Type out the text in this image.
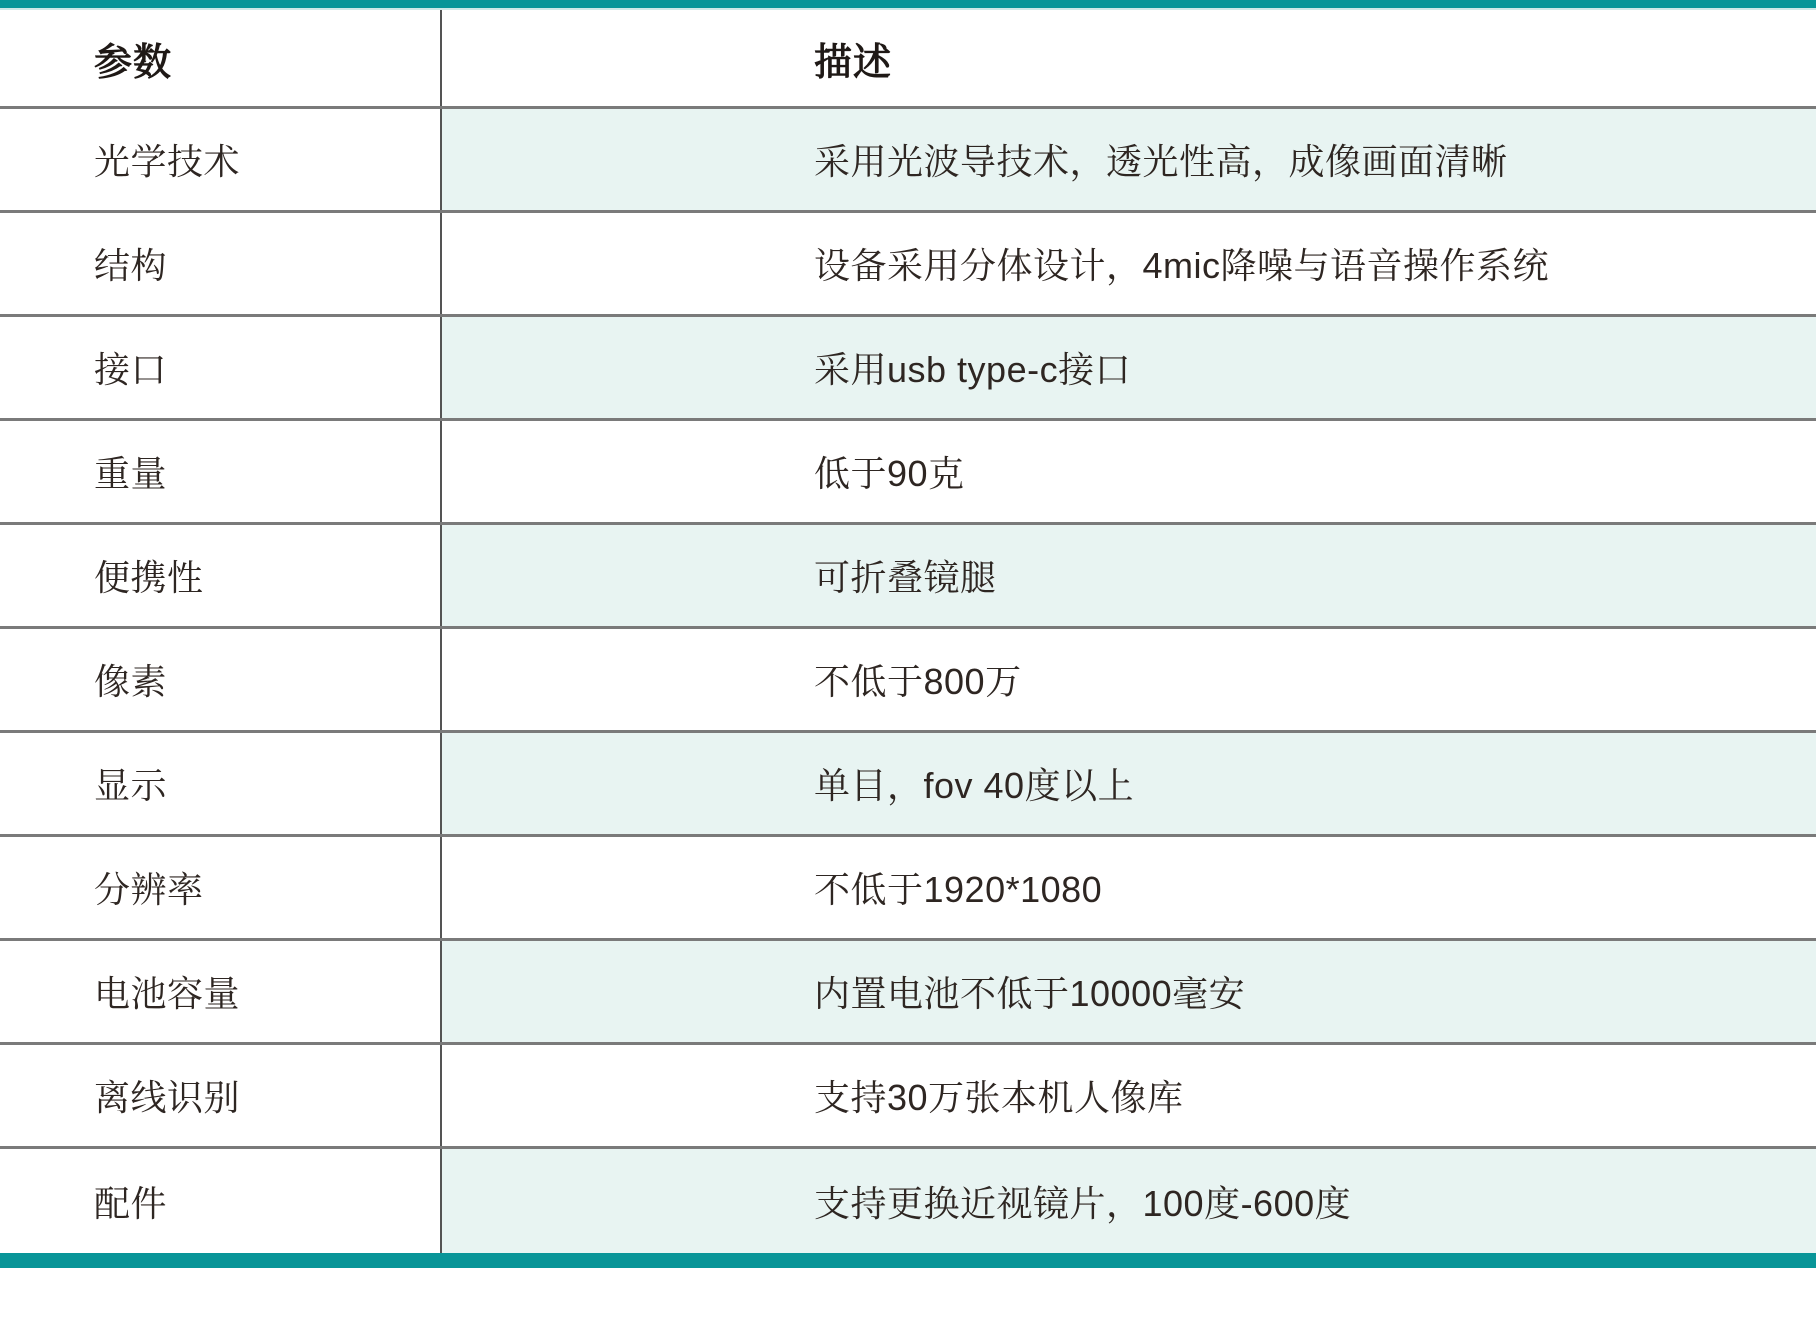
参数	描述
光学技术	采用光波导技术，透光性高，成像画面清晰
结构	设备采用分体设计，4mic降噪与语音操作系统
接口	采用usb type-c接口
重量	低于90克
便携性	可折叠镜腿
像素	不低于800万
显示	单目，fov 40度以上
分辨率	不低于1920*1080
电池容量	内置电池不低于10000毫安
离线识别	支持30万张本机人像库
配件	支持更换近视镜片，100度-600度
